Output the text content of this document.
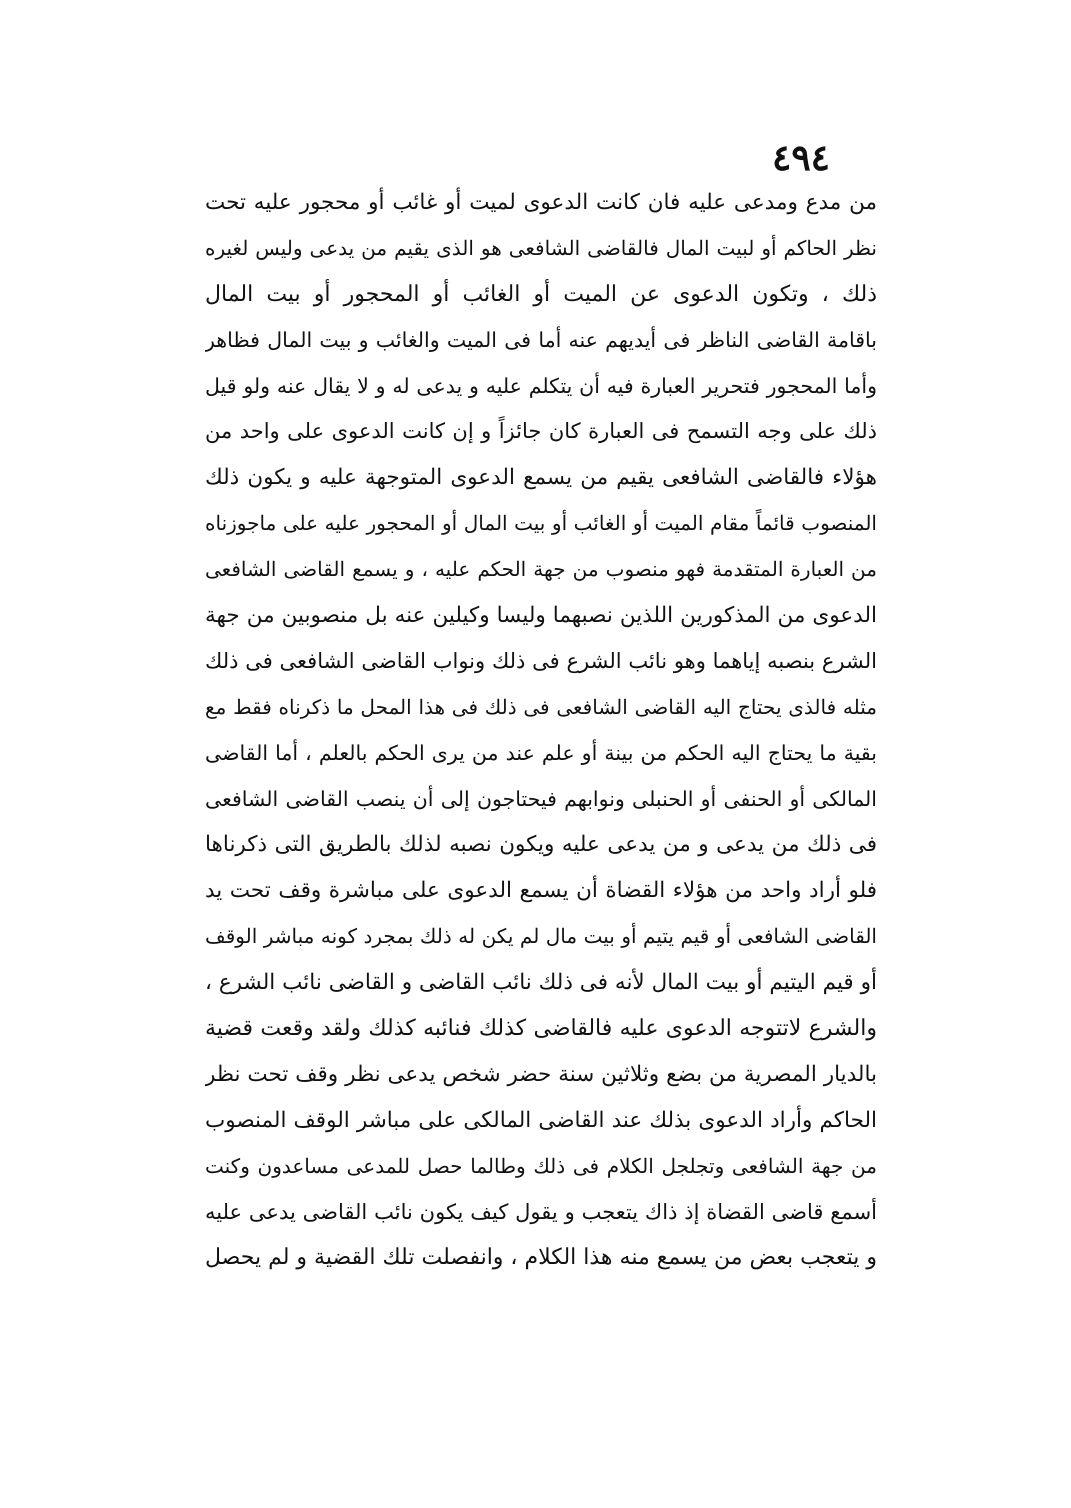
٤٩٤
من مدع ومدعى عليه فان كانت الدعوى لميت أو غائب أو محجور عليه تحت
نظر الحاكم أو لبيت المال فالقاضى الشافعى هو الذى يقيم من يدعى وليس لغيره
ذلك ، وتكون الدعوى عن الميت أو الغائب أو المحجور أو بيت المال
باقامة القاضى الناظر فى أيديهم عنه أما فى الميت والغائب و بيت المال فظاهر
وأما المحجور فتحرير العبارة فيه أن يتكلم عليه و يدعى له و لا يقال عنه ولو قيل
ذلك على وجه التسمح فى العبارة كان جائزاً و إن كانت الدعوى على واحد من
هؤلاء فالقاضى الشافعى يقيم من يسمع الدعوى المتوجهة عليه و يكون ذلك
المنصوب قائماً مقام الميت أو الغائب أو بيت المال أو المحجور عليه على ماجوزناه
من العبارة المتقدمة فهو منصوب من جهة الحكم عليه ، و يسمع القاضى الشافعى
الدعوى من المذكورين اللذين نصبهما وليسا وكيلين عنه بل منصوبين من جهة
الشرع بنصبه إياهما وهو نائب الشرع فى ذلك ونواب القاضى الشافعى فى ذلك
مثله فالذى يحتاج اليه القاضى الشافعى فى ذلك فى هذا المحل ما ذكرناه فقط مع
بقية ما يحتاج اليه الحكم من بينة أو علم عند من يرى الحكم بالعلم ، أما القاضى
المالكى أو الحنفى أو الحنبلى ونوابهم فيحتاجون إلى أن ينصب القاضى الشافعى
فى ذلك من يدعى و من يدعى عليه ويكون نصبه لذلك بالطريق التى ذكرناها
فلو أراد واحد من هؤلاء القضاة أن يسمع الدعوى على مباشرة وقف تحت يد
القاضى الشافعى أو قيم يتيم أو بيت مال لم يكن له ذلك بمجرد كونه مباشر الوقف
أو قيم اليتيم أو بيت المال لأنه فى ذلك نائب القاضى و القاضى نائب الشرع ،
والشرع لاتتوجه الدعوى عليه فالقاضى كذلك فنائبه كذلك ولقد وقعت قضية
بالديار المصرية من بضع وثلاثين سنة حضر شخص يدعى نظر وقف تحت نظر
الحاكم وأراد الدعوى بذلك عند القاضى المالكى على مباشر الوقف المنصوب
من جهة الشافعى وتجلجل الكلام فى ذلك وطالما حصل للمدعى مساعدون وكنت
أسمع قاضى القضاة إذ ذاك يتعجب و يقول كيف يكون نائب القاضى يدعى عليه
و يتعجب بعض من يسمع منه هذا الكلام ، وانفصلت تلك القضية و لم يحصل
